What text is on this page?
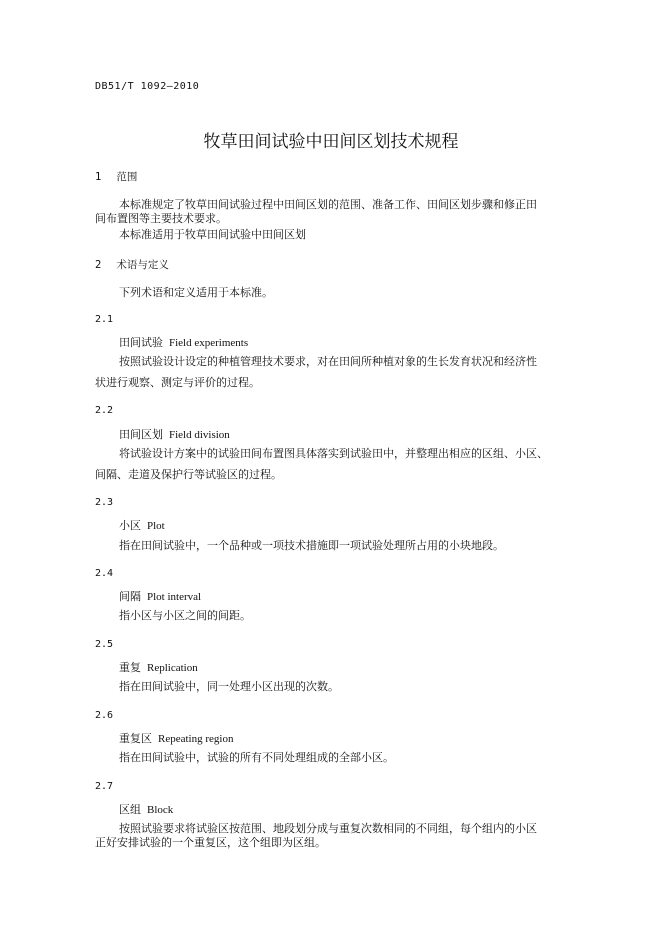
DB51/T 1092—2010
牧草田间试验中田间区划技术规程
1 范围
本标准规定了牧草田间试验过程中田间区划的范围、准备工作、田间区划步骤和修正田
间布置图等主要技术要求。
本标准适用于牧草田间试验中田间区划
2 术语与定义
下列术语和定义适用于本标准。
2.1
田间试验 Field experiments
按照试验设计设定的种植管理技术要求，对在田间所种植对象的生长发育状况和经济性
状进行观察、测定与评价的过程。
2.2
田间区划 Field division
将试验设计方案中的试验田间布置图具体落实到试验田中，并整理出相应的区组、小区、
间隔、走道及保护行等试验区的过程。
2.3
小区 Plot
指在田间试验中，一个品种或一项技术措施即一项试验处理所占用的小块地段。
2.4
间隔 Plot interval
指小区与小区之间的间距。
2.5
重复 Replication
指在田间试验中，同一处理小区出现的次数。
2.6
重复区 Repeating region
指在田间试验中，试验的所有不同处理组成的全部小区。
2.7
区组 Block
按照试验要求将试验区按范围、地段划分成与重复次数相同的不同组，每个组内的小区
正好安排试验的一个重复区，这个组即为区组。
